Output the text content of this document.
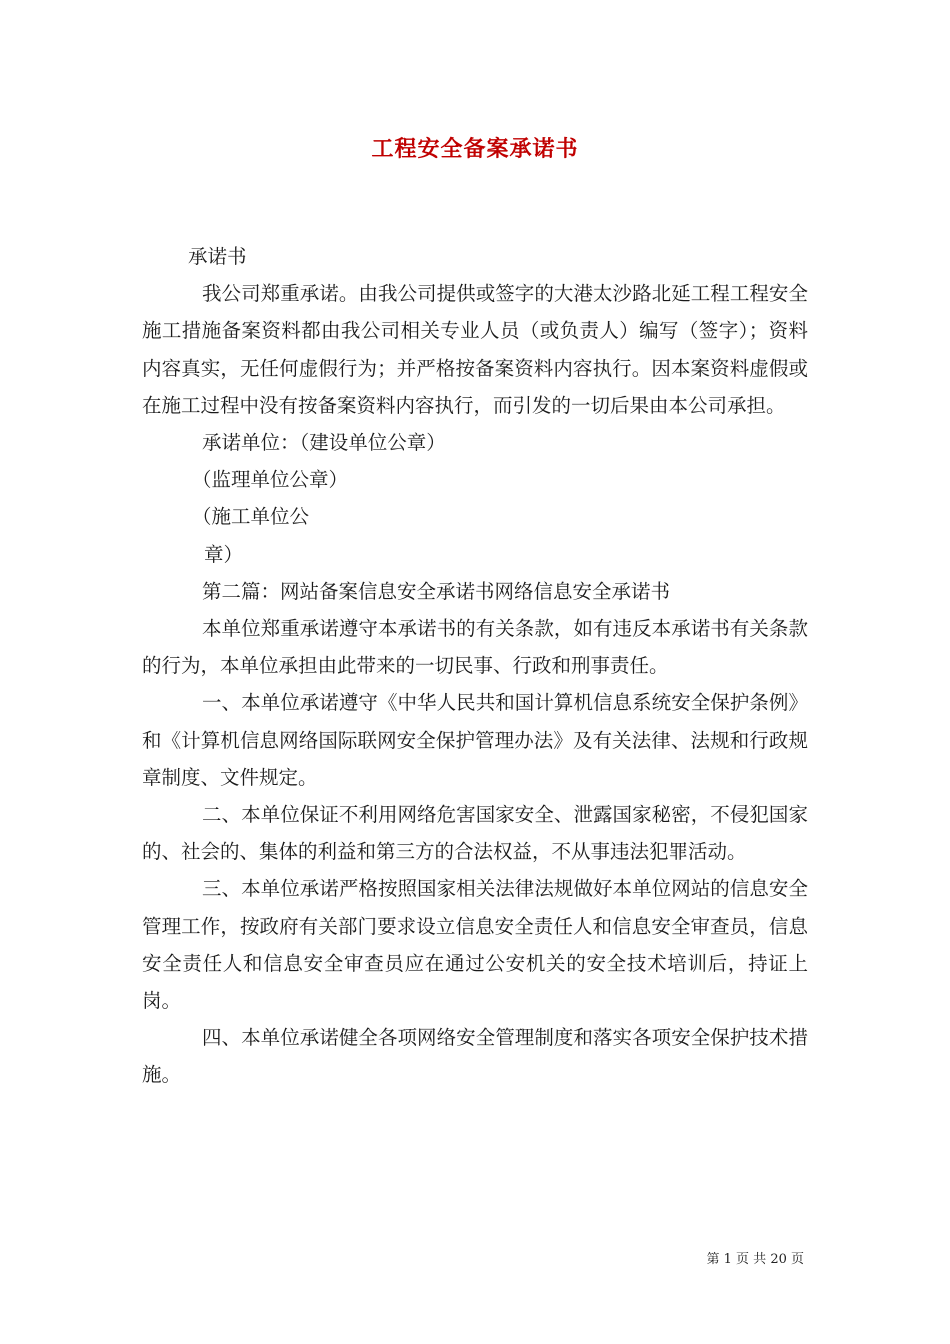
工程安全备案承诺书

承诺书

我公司郑重承诺。由我公司提供或签字的大港太沙路北延工程工程安全施工措施备案资料都由我公司相关专业人员（或负责人）编写（签字）；资料内容真实，无任何虚假行为；并严格按备案资料内容执行。因本案资料虚假或在施工过程中没有按备案资料内容执行，而引发的一切后果由本公司承担。

承诺单位：（建设单位公章）

（监理单位公章）

（施工单位公

章）

第二篇：网站备案信息安全承诺书网络信息安全承诺书

本单位郑重承诺遵守本承诺书的有关条款，如有违反本承诺书有关条款的行为，本单位承担由此带来的一切民事、行政和刑事责任。

一、本单位承诺遵守《中华人民共和国计算机信息系统安全保护条例》和《计算机信息网络国际联网安全保护管理办法》及有关法律、法规和行政规章制度、文件规定。

二、本单位保证不利用网络危害国家安全、泄露国家秘密，不侵犯国家的、社会的、集体的利益和第三方的合法权益，不从事违法犯罪活动。

三、本单位承诺严格按照国家相关法律法规做好本单位网站的信息安全管理工作，按政府有关部门要求设立信息安全责任人和信息安全审查员，信息安全责任人和信息安全审查员应在通过公安机关的安全技术培训后，持证上岗。

四、本单位承诺健全各项网络安全管理制度和落实各项安全保护技术措施。

第 1 页 共 20 页
